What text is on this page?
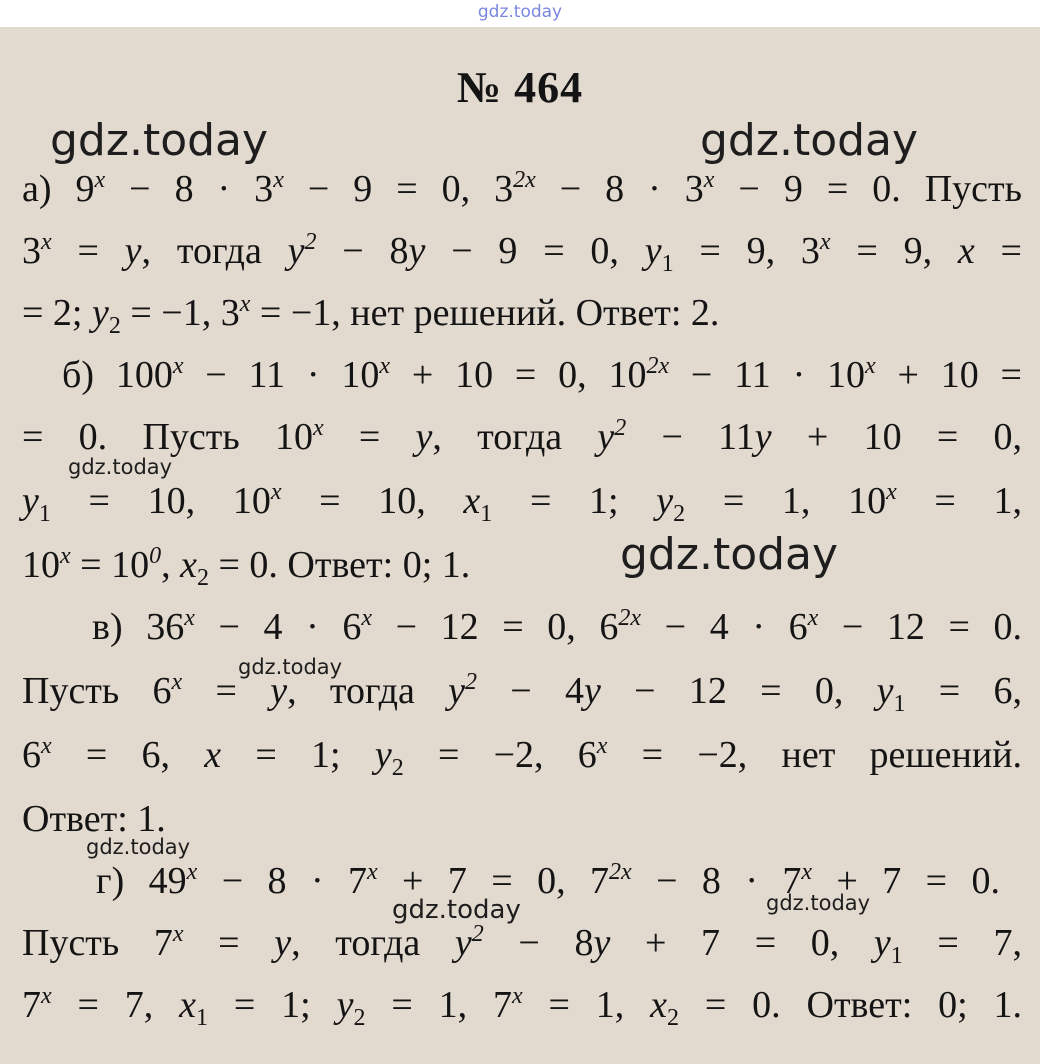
gdz.today
№ 464
а) $9^x - 8 \cdot 3^x - 9 = 0$, $3^{2x} - 8 \cdot 3^x - 9 = 0$. Пусть
$3^x = y$, тогда $y^2 - 8y - 9 = 0$, $y_1 = 9$, $3^x = 9$, x =
= 2; $y_2 = -1$, $3^x = -1$, нет решений. Ответ: 2.
б) $100^x - 11 \cdot 10^x + 10 = 0$, $10^{2x} - 11 \cdot 10^x + 10$ =
= 0. Пусть $10^x = y$, тогда $y^2 - 11y + 10 = 0$,
$y_1 = 10$, $10^x = 10$, $x_1 = 1$; $y_2 = 1$, $10^x = 1$,
$10^x = 10^0$, $x_2 = 0$. Ответ: 0; 1.
в) $36^x - 4 \cdot 6^x - 12 = 0$, $6^{2x} - 4 \cdot 6^x - 12 = 0$.
Пусть $6^x = y$, тогда $y^2 - 4y - 12 = 0$, $y_1 = 6$,
$6^x = 6$, x = 1; $y_2 = -2$, $6^x = -2$, нет решений.
Ответ: 1.
г) $49^x - 8 \cdot 7^x + 7 = 0$, $7^{2x} - 8 \cdot 7^x + 7 = 0$.
Пусть $7^x = y$, тогда $y^2 - 8y + 7 = 0$, $y_1 = 7$,
$7^x = 7$, $x_1 = 1$; $y_2 = 1$, $7^x = 1$, $x_2 = 0$. Ответ: 0; 1.
gdz.today	gdz.today
gdz.today
gdz.today
gdz.today
gdz.today
gdz.today	gdz.today
